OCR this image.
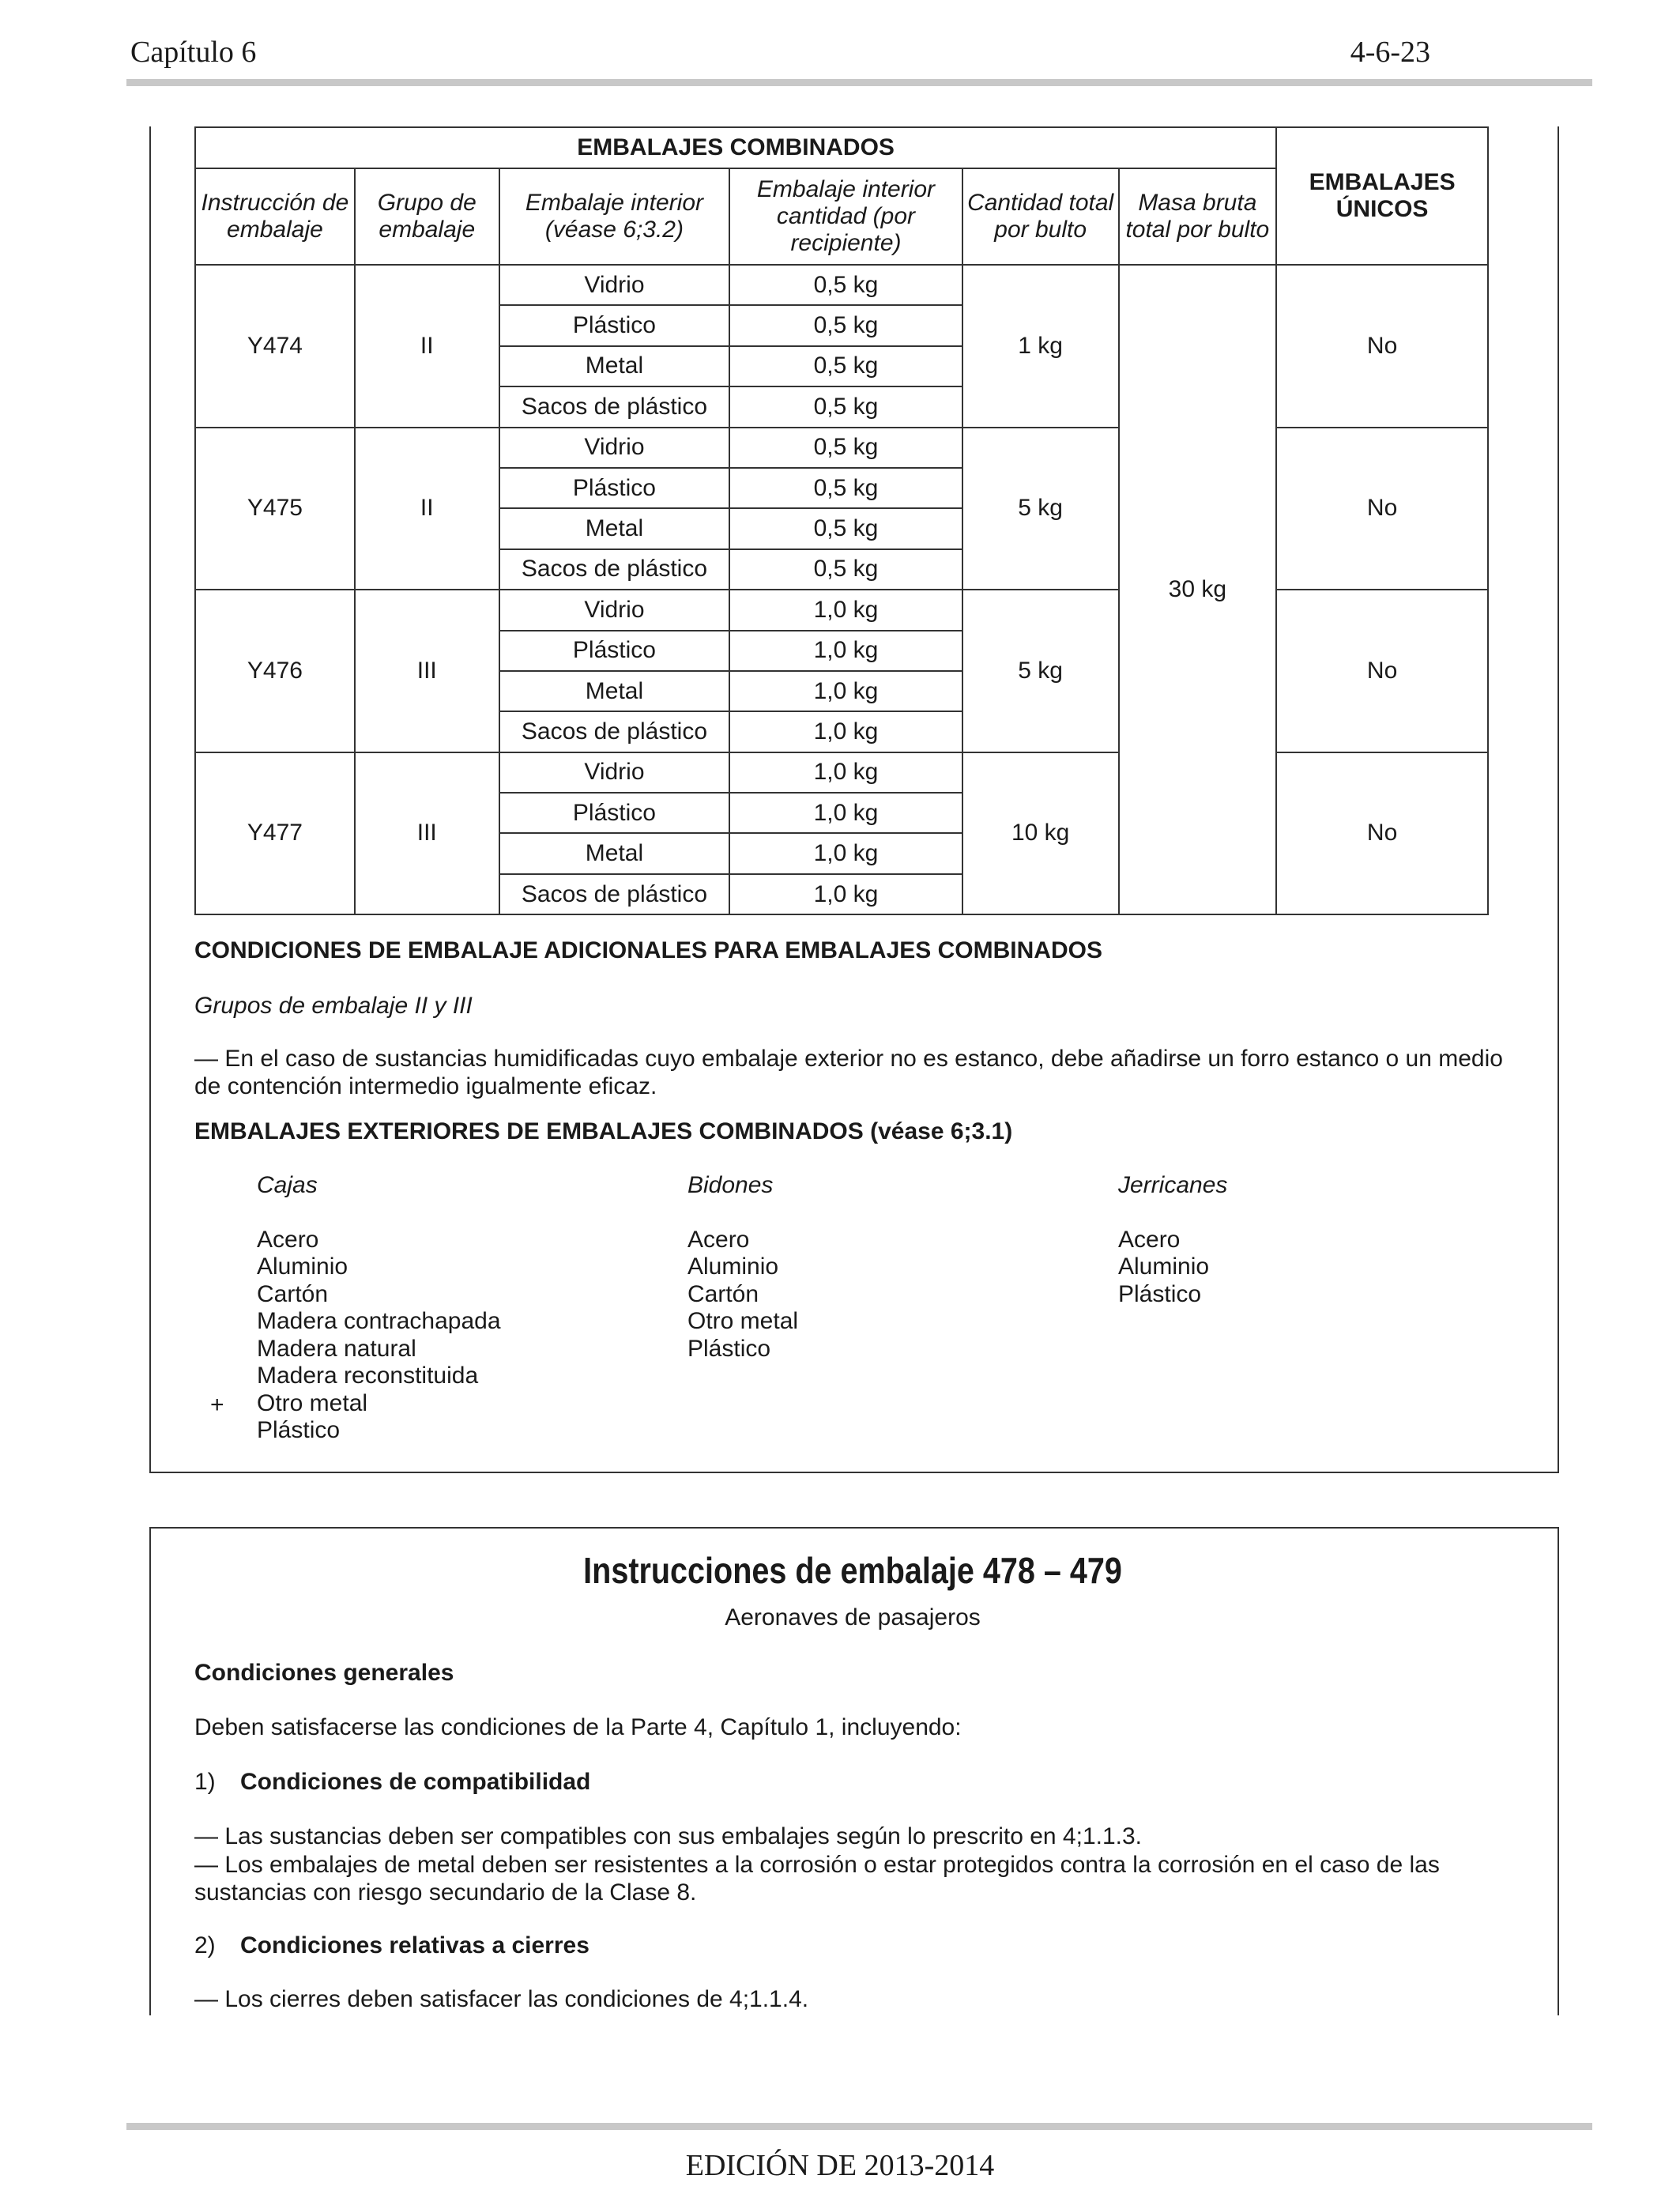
Capítulo 6	4-6-23
EMBALAJES COMBINADOS						EMBALAJES ÚNICOS
Instrucción de embalaje	Grupo de embalaje	Embalaje interior (véase 6;3.2)	Embalaje interior cantidad (por recipiente)	Cantidad total por bulto	Masa bruta total por bulto	
Y474	II	Vidrio	0,5 kg	1 kg	30 kg	No
		Plástico	0,5 kg			
		Metal	0,5 kg			
		Sacos de plástico	0,5 kg			
Y475	II	Vidrio	0,5 kg	5 kg		No
		Plástico	0,5 kg			
		Metal	0,5 kg			
		Sacos de plástico	0,5 kg			
Y476	III	Vidrio	1,0 kg	5 kg		No
		Plástico	1,0 kg			
		Metal	1,0 kg			
		Sacos de plástico	1,0 kg			
Y477	III	Vidrio	1,0 kg	10 kg		No
		Plástico	1,0 kg			
		Metal	1,0 kg			
		Sacos de plástico	1,0 kg			
CONDICIONES DE EMBALAJE ADICIONALES PARA EMBALAJES COMBINADOS
Grupos de embalaje II y III
— En el caso de sustancias humidificadas cuyo embalaje exterior no es estanco, debe añadirse un forro estanco o un medio de contención intermedio igualmente eficaz.
EMBALAJES EXTERIORES DE EMBALAJES COMBINADOS (véase 6;3.1)
Cajas
Acero
Aluminio
Cartón
Madera contrachapada
Madera natural
Madera reconstituida
Otro metal
Plástico
+
Bidones
Acero
Aluminio
Cartón
Otro metal
Plástico
Jerricanes
Acero
Aluminio
Plástico
Instrucciones de embalaje 478 – 479
Aeronaves de pasajeros
Condiciones generales
Deben satisfacerse las condiciones de la Parte 4, Capítulo 1, incluyendo:
1) Condiciones de compatibilidad
— Las sustancias deben ser compatibles con sus embalajes según lo prescrito en 4;1.1.3.
— Los embalajes de metal deben ser resistentes a la corrosión o estar protegidos contra la corrosión en el caso de las sustancias con riesgo secundario de la Clase 8.
2) Condiciones relativas a cierres
— Los cierres deben satisfacer las condiciones de 4;1.1.4.
EDICIÓN DE 2013-2014
